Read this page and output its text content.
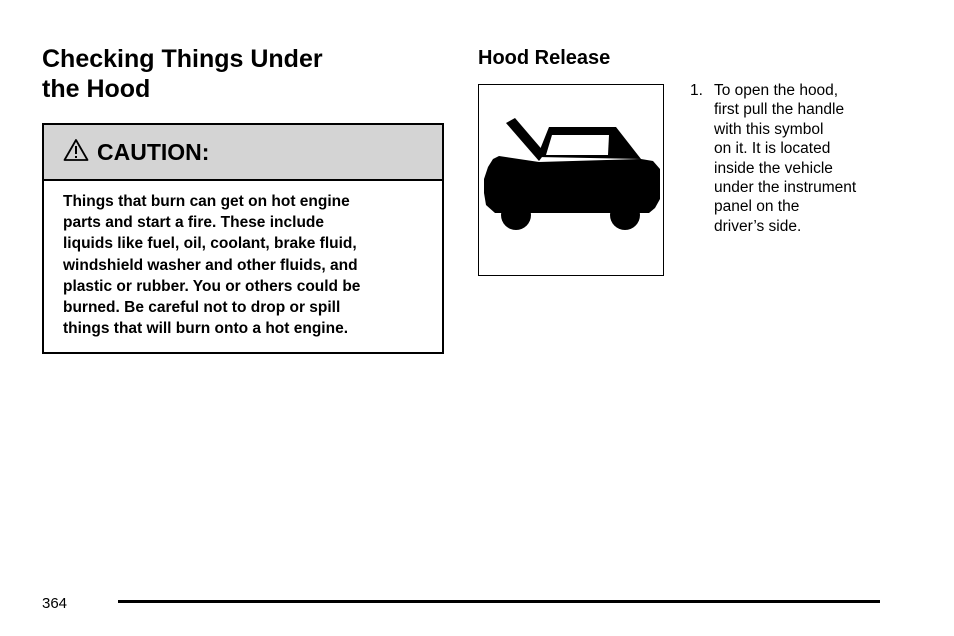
Checking Things Under
the Hood
CAUTION:
Things that burn can get on hot engine
parts and start a fire. These include
liquids like fuel, oil, coolant, brake fluid,
windshield washer and other fluids, and
plastic or rubber. You or others could be
burned. Be careful not to drop or spill
things that will burn onto a hot engine.
Hood Release
1. To open the hood,
first pull the handle
with this symbol
on it. It is located
inside the vehicle
under the instrument
panel on the
driver’s side.
364
